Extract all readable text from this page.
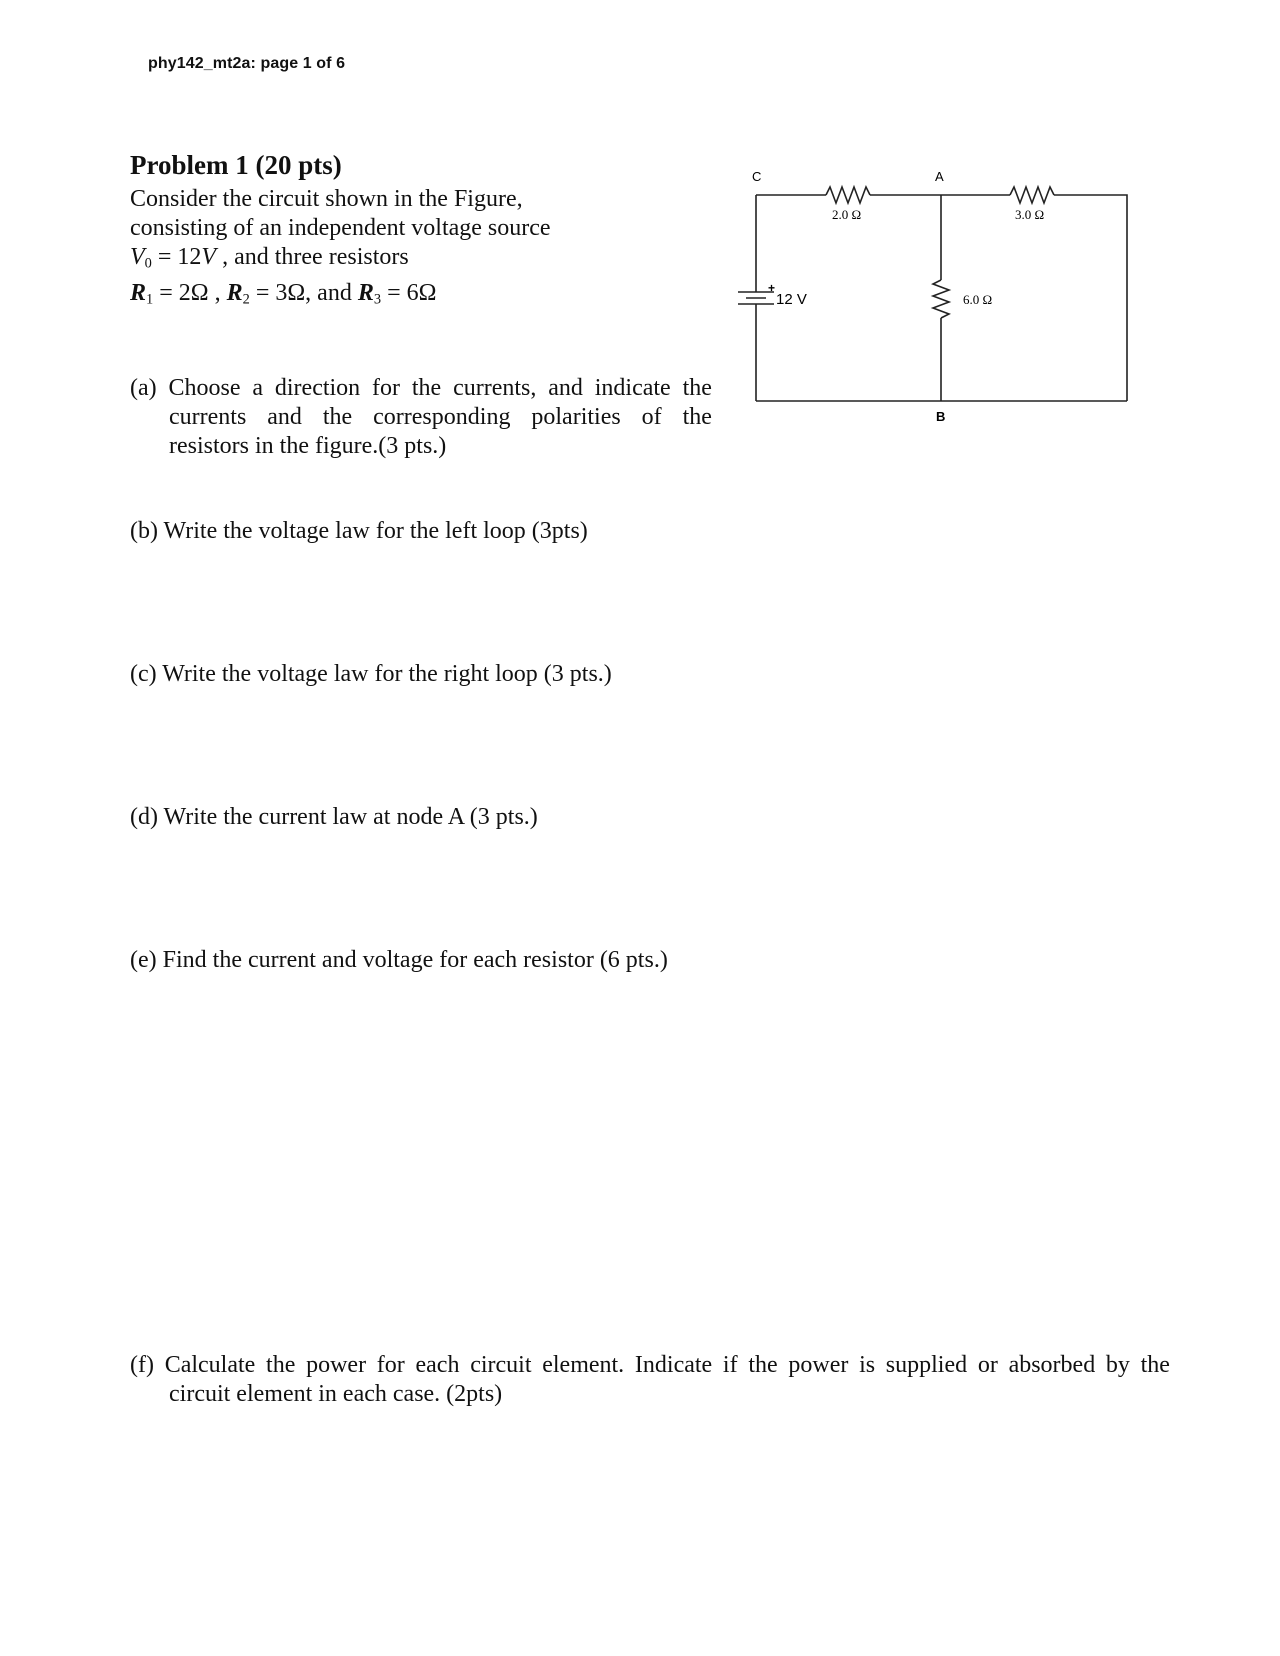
phy142_mt2a: page 1 of 6
Problem 1 (20 pts)
Consider the circuit shown in the Figure,
consisting of an independent voltage source
$V_0 = 12V$ , and three resistors
$R_1 = 2\Omega$ , $R_2 = 3\Omega$, and $R_3 = 6\Omega$
(a) Choose a direction for the currents, and indicate the
currents and the corresponding polarities of the
resistors in the figure.(3 pts.)
(b) Write the voltage law for the left loop (3pts)
(c) Write the voltage law for the right loop (3 pts.)
(d) Write the current law at node A (3 pts.)
(e) Find the current and voltage for each resistor (6 pts.)
(f) Calculate the power for each circuit element. Indicate if the power is supplied or absorbed by the
circuit element in each case. (2pts)
C	A
B
2.0 Ω	3.0 Ω
6.0 Ω
12 V
+
